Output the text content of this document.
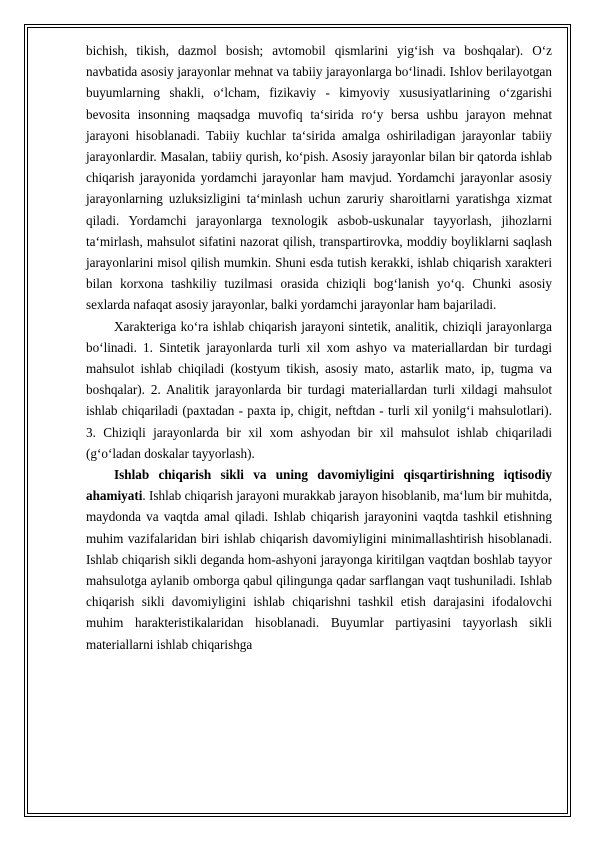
bichish, tikish, dazmol bosish; avtomobil qismlarini yig‘ish va boshqalar). O‘z navbatida asosiy jarayonlar mehnat va tabiiy jarayonlarga bo‘linadi. Ishlov berilayotgan buyumlarning shakli, o‘lcham, fizikaviy - kimyoviy xususiyatlarining o‘zgarishi bevosita insonning maqsadga muvofiq ta‘sirida ro‘y bersa ushbu jarayon mehnat jarayoni hisoblanadi. Tabiiy kuchlar ta‘sirida amalga oshiriladigan jarayonlar tabiiy jarayonlardir. Masalan, tabiiy qurish, ko‘pish. Asosiy jarayonlar bilan bir qatorda ishlab chiqarish jarayonida yordamchi jarayonlar ham mavjud. Yordamchi jarayonlar asosiy jarayonlarning uzluksizligini ta‘minlash uchun zaruriy sharoitlarni yaratishga xizmat qiladi. Yordamchi jarayonlarga texnologik asbob-uskunalar tayyorlash, jihozlarni ta‘mirlash, mahsulot sifatini nazorat qilish, transpartirovka, moddiy boyliklarni saqlash jarayonlarini misol qilish mumkin. Shuni esda tutish kerakki, ishlab chiqarish xarakteri bilan korxona tashkiliy tuzilmasi orasida chiziqli bog‘lanish yo‘q. Chunki asosiy sexlarda nafaqat asosiy jarayonlar, balki yordamchi jarayonlar ham bajariladi.

Xarakteriga ko‘ra ishlab chiqarish jarayoni sintetik, analitik, chiziqli jarayonlarga bo‘linadi. 1. Sintetik jarayonlarda turli xil xom ashyo va materiallardan bir turdagi mahsulot ishlab chiqiladi (kostyum tikish, asosiy mato, astarlik mato, ip, tugma va boshqalar). 2. Analitik jarayonlarda bir turdagi materiallardan turli xildagi mahsulot ishlab chiqariladi (paxtadan - paxta ip, chigit, neftdan - turli xil yonilg‘i mahsulotlari). 3. Chiziqli jarayonlarda bir xil xom ashyodan bir xil mahsulot ishlab chiqariladi (g‘o‘ladan doskalar tayyorlash).

Ishlab chiqarish sikli va uning davomiyligini qisqartirishning iqtisodiy ahamiyati. Ishlab chiqarish jarayoni murakkab jarayon hisoblanib, ma‘lum bir muhitda, maydonda va vaqtda amal qiladi. Ishlab chiqarish jarayonini vaqtda tashkil etishning muhim vazifalaridan biri ishlab chiqarish davomiyligini minimallashtirish hisoblanadi. Ishlab chiqarish sikli deganda hom-ashyoni jarayonga kiritilgan vaqtdan boshlab tayyor mahsulotga aylanib omborga qabul qilingunga qadar sarflangan vaqt tushuniladi. Ishlab chiqarish sikli davomiyligini ishlab chiqarishni tashkil etish darajasini ifodalovchi muhim harakteristikalaridan hisoblanadi. Buyumlar partiyasini tayyorlash sikli materiallarni ishlab chiqarishga
